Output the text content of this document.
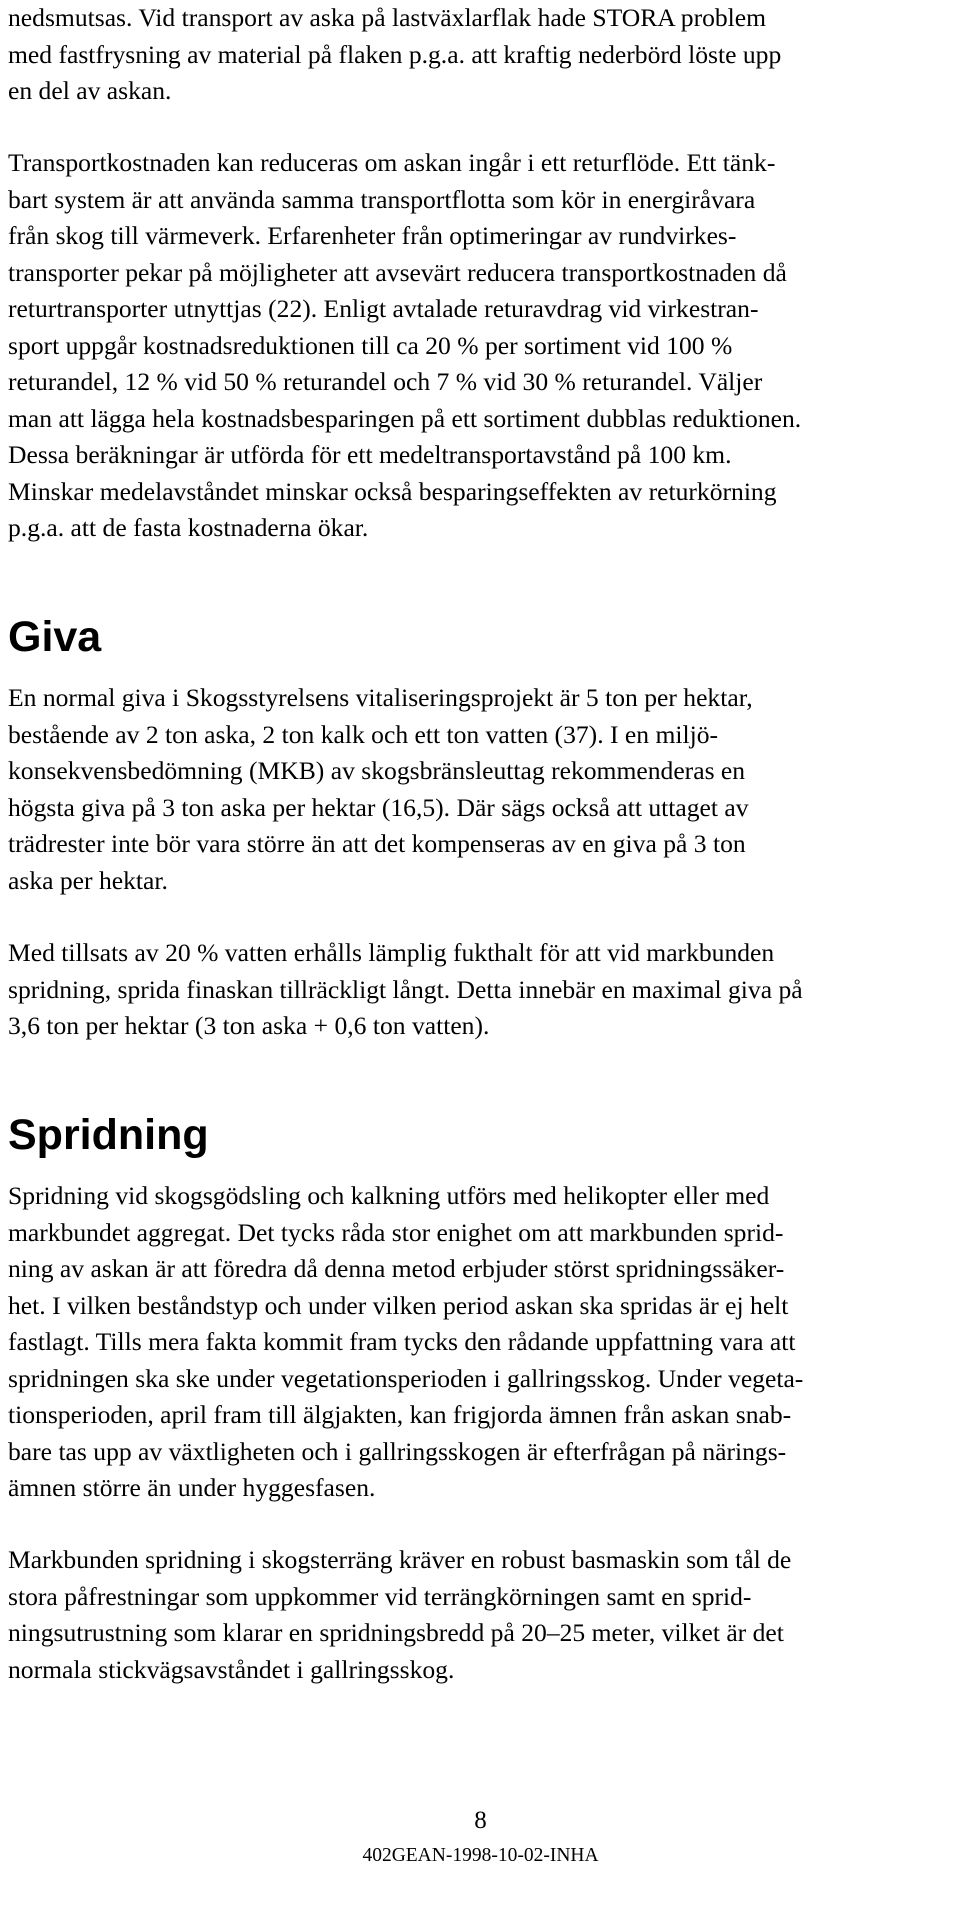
nedsmutsas. Vid transport av aska på lastväxlarflak hade STORA problem
med fastfrysning av material på flaken p.g.a. att kraftig nederbörd löste upp
en del av askan.

Transportkostnaden kan reduceras om askan ingår i ett returflöde. Ett tänk-
bart system är att använda samma transportflotta som kör in energiråvara
från skog till värmeverk. Erfarenheter från optimeringar av rundvirkes-
transporter pekar på möjligheter att avsevärt reducera transportkostnaden då
returtransporter utnyttjas (22). Enligt avtalade returavdrag vid virkestran-
sport uppgår kostnadsreduktionen till ca 20 % per sortiment vid 100 %
returandel, 12 % vid 50 % returandel och 7 % vid 30 % returandel. Väljer
man att lägga hela kostnadsbesparingen på ett sortiment dubblas reduktionen.
Dessa beräkningar är utförda för ett medeltransportavstånd på 100 km.
Minskar medelavståndet minskar också besparingseffekten av returkörning
p.g.a. att de fasta kostnaderna ökar.

Giva

En normal giva i Skogsstyrelsens vitaliseringsprojekt är 5 ton per hektar,
bestående av 2 ton aska, 2 ton kalk och ett ton vatten (37). I en miljö-
konsekvensbedömning (MKB) av skogsbränsleuttag rekommenderas en
högsta giva på 3 ton aska per hektar (16,5). Där sägs också att uttaget av
trädrester inte bör vara större än att det kompenseras av en giva på 3 ton
aska per hektar.

Med tillsats av 20 % vatten erhålls lämplig fukthalt för att vid markbunden
spridning, sprida finaskan tillräckligt långt. Detta innebär en maximal giva på
3,6 ton per hektar (3 ton aska + 0,6 ton vatten).

Spridning

Spridning vid skogsgödsling och kalkning utförs med helikopter eller med
markbundet aggregat. Det tycks råda stor enighet om att markbunden sprid-
ning av askan är att föredra då denna metod erbjuder störst spridningssäker-
het. I vilken beståndstyp och under vilken period askan ska spridas är ej helt
fastlagt. Tills mera fakta kommit fram tycks den rådande uppfattning vara att
spridningen ska ske under vegetationsperioden i gallringsskog. Under vegeta-
tionsperioden, april fram till älgjakten, kan frigjorda ämnen från askan snab-
bare tas upp av växtligheten och i gallringsskogen är efterfrågan på närings-
ämnen större än under hyggesfasen.

Markbunden spridning i skogsterräng kräver en robust basmaskin som tål de
stora påfrestningar som uppkommer vid terrängkörningen samt en sprid-
ningsutrustning som klarar en spridningsbredd på 20–25 meter, vilket är det
normala stickvägsavståndet i gallringsskog.

8
402GEAN-1998-10-02-INHA
